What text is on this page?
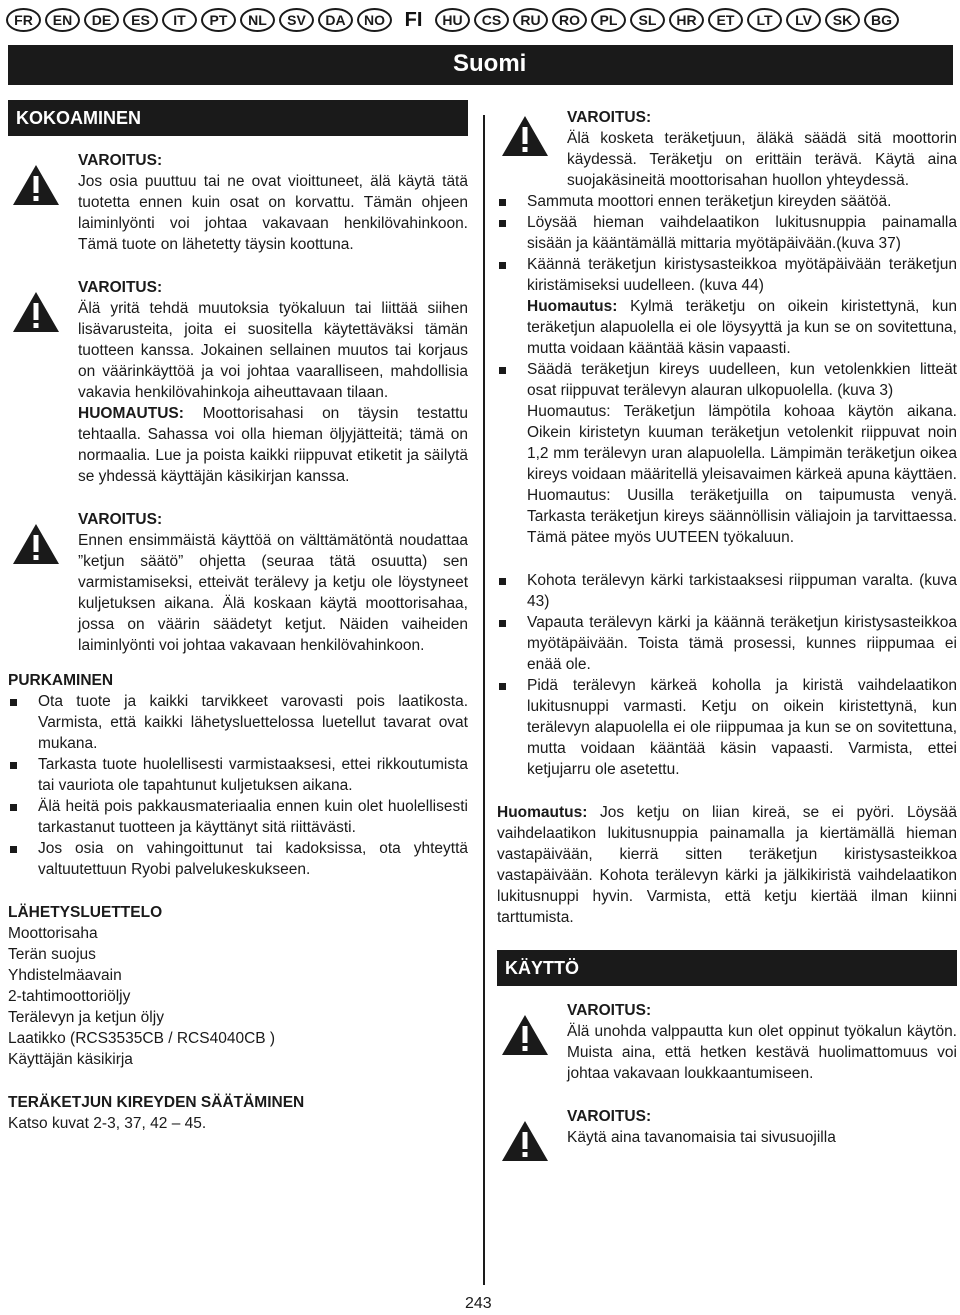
FR EN DE ES IT PT NL SV DA NO FI HU CS RU RO PL SL HR ET LT LV SK BG
Suomi
KOKOAMINEN
VAROITUS:

Jos osia puuttuu tai ne ovat vioittuneet, älä käytä tätä tuotetta ennen kuin osat on korvattu. Tämän ohjeen laiminlyönti voi johtaa vakavaan henkilövahinkoon. Tämä tuote on lähetetty täysin koottuna.

VAROITUS:

Älä yritä tehdä muutoksia työkaluun tai liittää siihen lisävarusteita, joita ei suositella käytettäväksi tämän tuotteen kanssa. Jokainen sellainen muutos tai korjaus on väärinkäyttöä ja voi johtaa vaaralliseen, mahdollisia vakavia henkilövahinkoja aiheuttavaan tilaan.

HUOMAUTUS: Moottorisahasi on täysin testattu tehtaalla. Sahassa voi olla hieman öljyjätteitä; tämä on normaalia. Lue ja poista kaikki riippuvat etiketit ja säilytä se yhdessä käyttäjän käsikirjan kanssa.

VAROITUS:

Ennen ensimmäistä käyttöä on välttämätöntä noudattaa ”ketjun säätö” ohjetta (seuraa tätä osuutta) sen varmistamiseksi, etteivät terälevy ja ketju ole löystyneet kuljetuksen aikana. Älä koskaan käytä moottorisahaa, jossa on väärin säädetyt ketjut. Näiden vaiheiden laiminlyönti voi johtaa vakavaan henkilövahinkoon.

PURKAMINEN
Ota tuote ja kaikki tarvikkeet varovasti pois laatikosta. Varmista, että kaikki lähetysluettelossa luetellut tavarat ovat mukana.
Tarkasta tuote huolellisesti varmistaaksesi, ettei rikkoutumista tai vauriota ole tapahtunut kuljetuksen aikana.
Älä heitä pois pakkausmateriaalia ennen kuin olet huolellisesti tarkastanut tuotteen ja käyttänyt sitä riittävästi.
Jos osia on vahingoittunut tai kadoksissa, ota yhteyttä valtuutettuun Ryobi palvelukeskukseen.
LÄHETYSLUETTELO
Moottorisaha
Terän suojus
Yhdistelmäavain
2-tahtimoottoriöljy
Terälevyn ja ketjun öljy
Laatikko (RCS3535CB / RCS4040CB )
Käyttäjän käsikirja
TERÄKETJUN KIREYDEN SÄÄTÄMINEN
Katso kuvat 2-3, 37, 42 – 45.
VAROITUS:

Älä kosketa teräketjuun, äläkä säädä sitä moottorin käydessä. Teräketju on erittäin terävä. Käytä aina suojakäsineitä moottorisahan huollon yhteydessä.

Sammuta moottori ennen teräketjun kireyden säätöä.
Löysää hieman vaihdelaatikon lukitusnuppia painamalla sisään ja kääntämällä mittaria myötäpäivään.(kuva 37)
Käännä teräketjun kiristysasteikkoa myötäpäivään teräketjun kiristämiseksi uudelleen. (kuva 44)
Huomautus: Kylmä teräketju on oikein kiristettynä, kun teräketjun alapuolella ei ole löysyyttä ja kun se on sovitettuna, mutta voidaan kääntää käsin vapaasti.
Säädä teräketjun kireys uudelleen, kun vetolenkkien litteät osat riippuvat terälevyn alauran ulkopuolella. (kuva 3)
Huomautus: Teräketjun lämpötila kohoaa käytön aikana. Oikein kiristetyn kuuman teräketjun vetolenkit riippuvat noin 1,2 mm terälevyn uran alapuolella. Lämpimän teräketjun oikea kireys voidaan määritellä yleisavaimen kärkeä apuna käyttäen.
Huomautus: Uusilla teräketjuilla on taipumusta venyä. Tarkasta teräketjun kireys säännöllisin väliajoin ja tarvittaessa. Tämä pätee myös UUTEEN työkaluun.
Kohota terälevyn kärki tarkistaaksesi riippuman varalta. (kuva 43)
Vapauta terälevyn kärki ja käännä teräketjun kiristysasteikkoa myötäpäivään. Toista tämä prosessi, kunnes riippumaa ei enää ole.
Pidä terälevyn kärkeä koholla ja kiristä vaihdelaatikon lukitusnuppi varmasti. Ketju on oikein kiristettynä, kun terälevyn alapuolella ei ole riippumaa ja kun se on sovitettuna, mutta voidaan kääntää käsin vapaasti. Varmista, ettei ketjujarru ole asetettu.

Huomautus: Jos ketju on liian kireä, se ei pyöri. Löysää vaihdelaatikon lukitusnuppia painamalla ja kiertämällä hieman vastapäivään, kierrä sitten teräketjun kiristysasteikkoa vastapäivään. Kohota terälevyn kärki ja jälkikiristä vaihdelaatikon lukitusnuppi hyvin. Varmista, että ketju kiertää ilman kiinni tarttumista.

KÄYTTÖ
VAROITUS:

Älä unohda valppautta kun olet oppinut työkalun käytön. Muista aina, että hetken kestävä huolimattomuus voi johtaa vakavaan loukkaantumiseen.

VAROITUS:

Käytä aina tavanomaisia tai sivusuojilla

243
